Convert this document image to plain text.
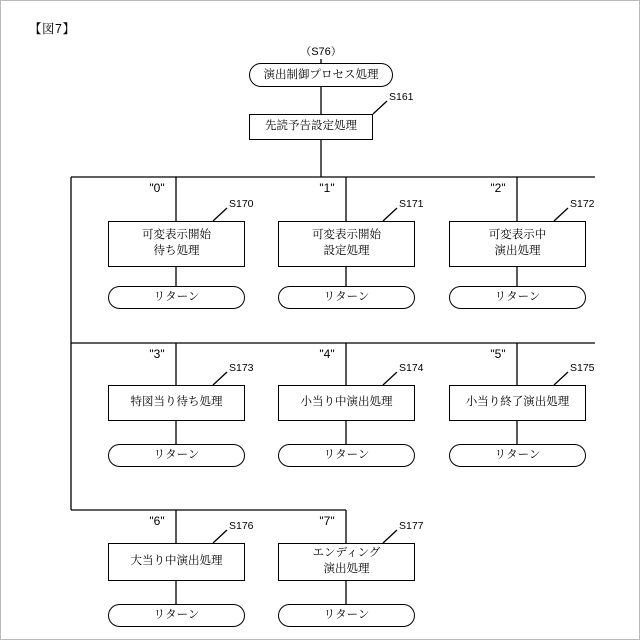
【図7】
（S76）
演出制御プロセス処理
S161
先読予告設定処理
"0"
S170
可変表示開始
待ち処理
リターン
"1"
S171
可変表示開始
設定処理
リターン
"2"
S172
可変表示中
演出処理
リターン
"3"
S173
特図当り待ち処理
リターン
"4"
S174
小当り中演出処理
リターン
"5"
S175
小当り終了演出処理
リターン
"6"	S176
大当り中演出処理
リターン
"7"	S177
エンディング
演出処理
リターン
